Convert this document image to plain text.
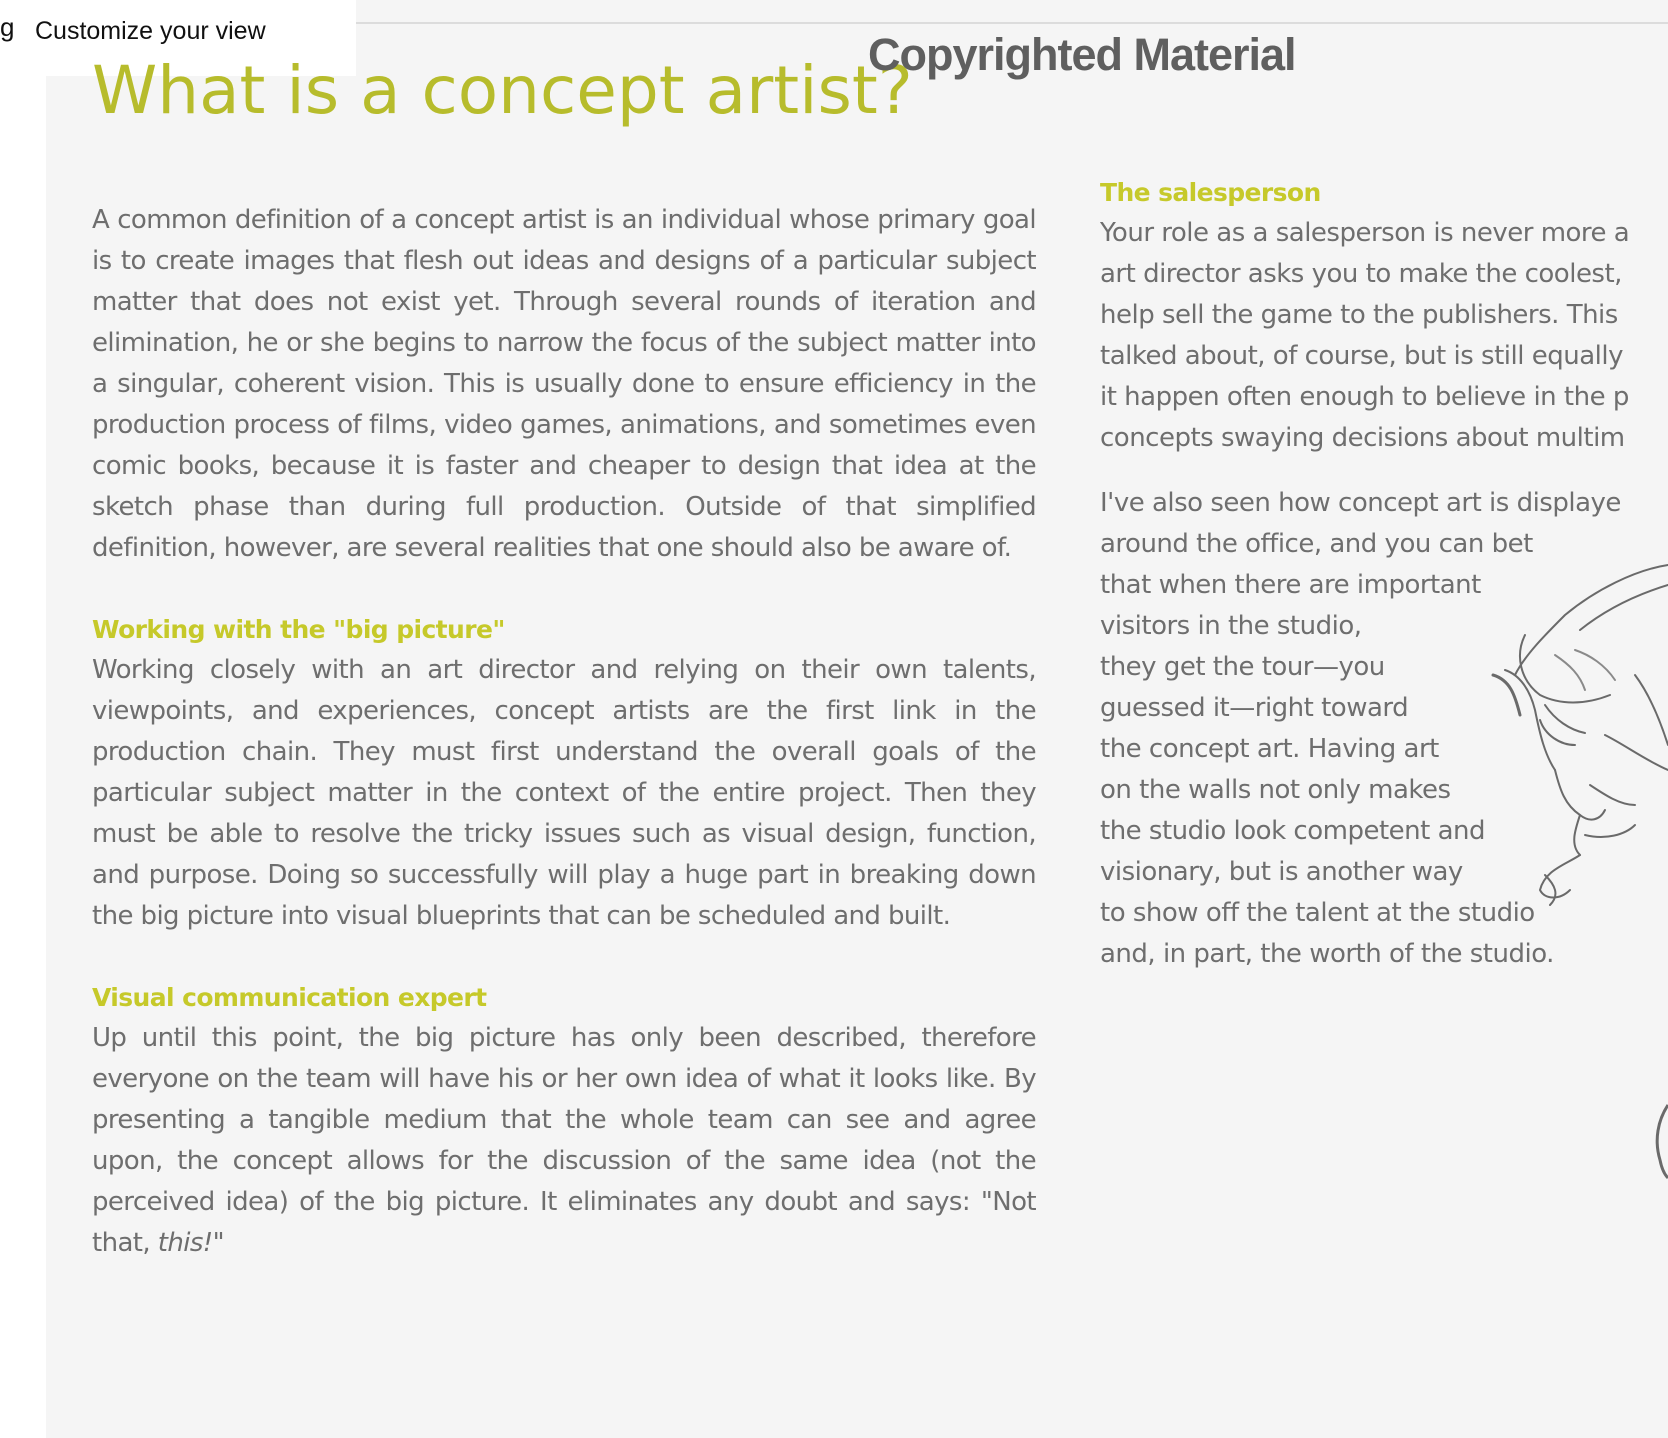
g Customize your view
What is a concept artist?
Copyrighted Material

A common definition of a concept artist is an individual whose primary goal is to create images that flesh out ideas and designs of a particular subject matter that does not exist yet. Through several rounds of iteration and elimination, he or she begins to narrow the focus of the subject matter into a singular, coherent vision. This is usually done to ensure efficiency in the production process of films, video games, animations, and sometimes even comic books, because it is faster and cheaper to design that idea at the sketch phase than during full production. Outside of that simplified definition, however, are several realities that one should also be aware of.

Working with the "big picture"

Working closely with an art director and relying on their own talents, viewpoints, and experiences, concept artists are the first link in the production chain. They must first understand the overall goals of the particular subject matter in the context of the entire project. Then they must be able to resolve the tricky issues such as visual design, function, and purpose. Doing so successfully will play a huge part in breaking down the big picture into visual blueprints that can be scheduled and built.

Visual communication expert

Up until this point, the big picture has only been described, therefore everyone on the team will have his or her own idea of what it looks like. By presenting a tangible medium that the whole team can see and agree upon, the concept allows for the discussion of the same idea (not the perceived idea) of the big picture. It eliminates any doubt and says: "Not that, this!"

The salesperson
Your role as a salesperson is never more a
art director asks you to make the coolest,
help sell the game to the publishers. This
talked about, of course, but is still equally
it happen often enough to believe in the p
concepts swaying decisions about multim
I've also seen how concept art is displaye
around the office, and you can bet
that when there are important
visitors in the studio,
they get the tour—you
guessed it—right toward
the concept art. Having art
on the walls not only makes
the studio look competent and
visionary, but is another way
to show off the talent at the studio
and, in part, the worth of the studio.
